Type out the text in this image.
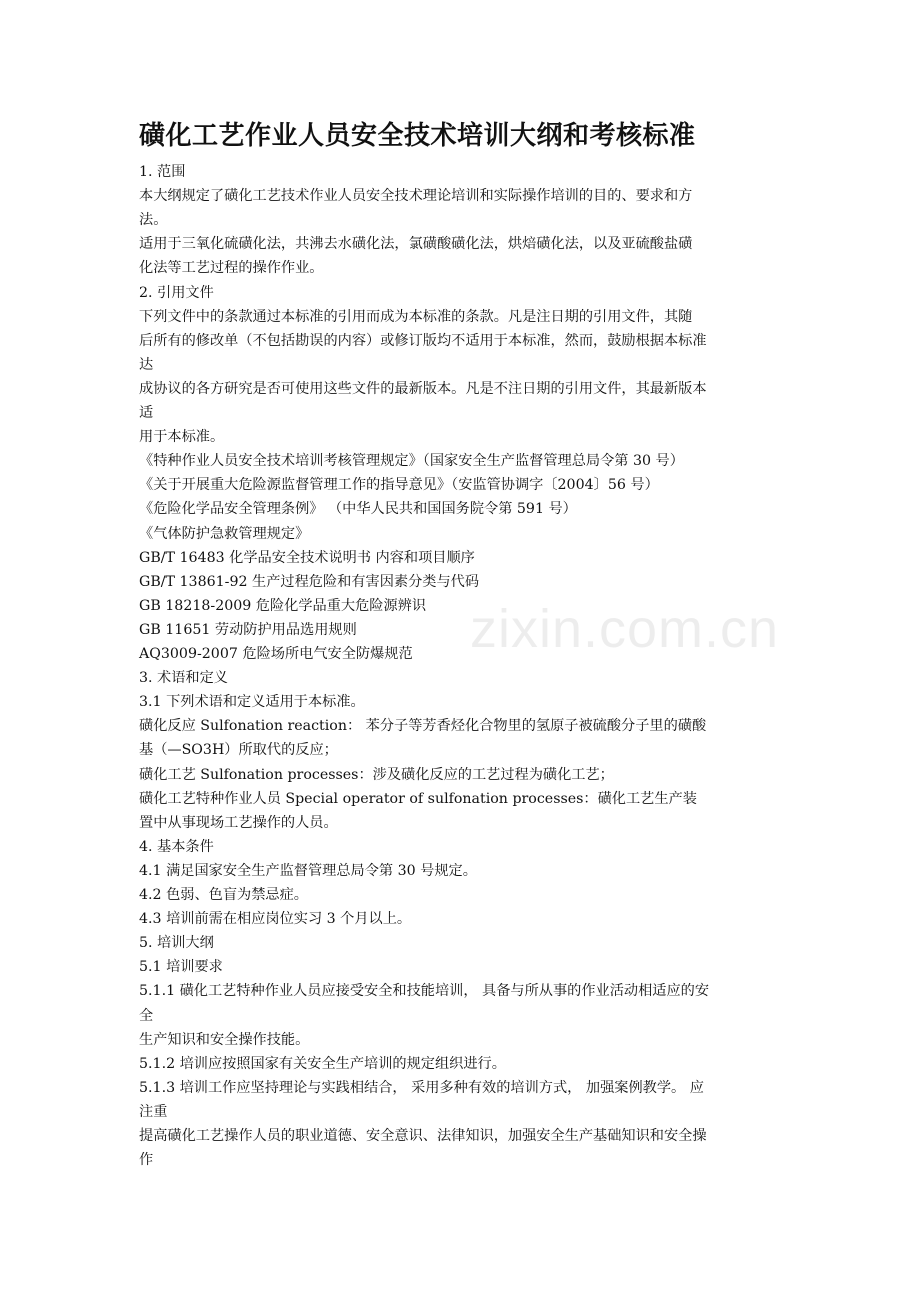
磺化工艺作业人员安全技术培训大纲和考核标准
1. 范围
本大纲规定了磺化工艺技术作业人员安全技术理论培训和实际操作培训的目的、要求和方
法。
适用于三氧化硫磺化法，共沸去水磺化法，氯磺酸磺化法，烘焙磺化法，以及亚硫酸盐磺
化法等工艺过程的操作作业。
2. 引用文件
下列文件中的条款通过本标准的引用而成为本标准的条款。凡是注日期的引用文件，其随
后所有的修改单（不包括勘误的内容）或修订版均不适用于本标准，然而，鼓励根据本标准
达
成协议的各方研究是否可使用这些文件的最新版本。凡是不注日期的引用文件，其最新版本
适
用于本标准。
《特种作业人员安全技术培训考核管理规定》（国家安全生产监督管理总局令第 30 号）
《关于开展重大危险源监督管理工作的指导意见》（安监管协调字〔2004〕56 号）
《危险化学品安全管理条例》 （中华人民共和国国务院令第 591 号）
《气体防护急救管理规定》
GB/T 16483 化学品安全技术说明书 内容和项目顺序
GB/T 13861-92 生产过程危险和有害因素分类与代码
GB 18218-2009 危险化学品重大危险源辨识
GB 11651 劳动防护用品选用规则
AQ3009-2007 危险场所电气安全防爆规范
3. 术语和定义
3.1 下列术语和定义适用于本标准。
磺化反应 Sulfonation reaction： 苯分子等芳香烃化合物里的氢原子被硫酸分子里的磺酸
基（—SO3H）所取代的反应；
磺化工艺 Sulfonation processes：涉及磺化反应的工艺过程为磺化工艺；
磺化工艺特种作业人员 Special operator of sulfonation processes：磺化工艺生产装
置中从事现场工艺操作的人员。
4. 基本条件
4.1 满足国家安全生产监督管理总局令第 30 号规定。
4.2 色弱、色盲为禁忌症。
4.3 培训前需在相应岗位实习 3 个月以上。
5. 培训大纲
5.1 培训要求
5.1.1 磺化工艺特种作业人员应接受安全和技能培训， 具备与所从事的作业活动相适应的安
全
生产知识和安全操作技能。
5.1.2 培训应按照国家有关安全生产培训的规定组织进行。
5.1.3 培训工作应坚持理论与实践相结合， 采用多种有效的培训方式， 加强案例教学。 应
注重
提高磺化工艺操作人员的职业道德、安全意识、法律知识，加强安全生产基础知识和安全操
作
zixin.com.cn
